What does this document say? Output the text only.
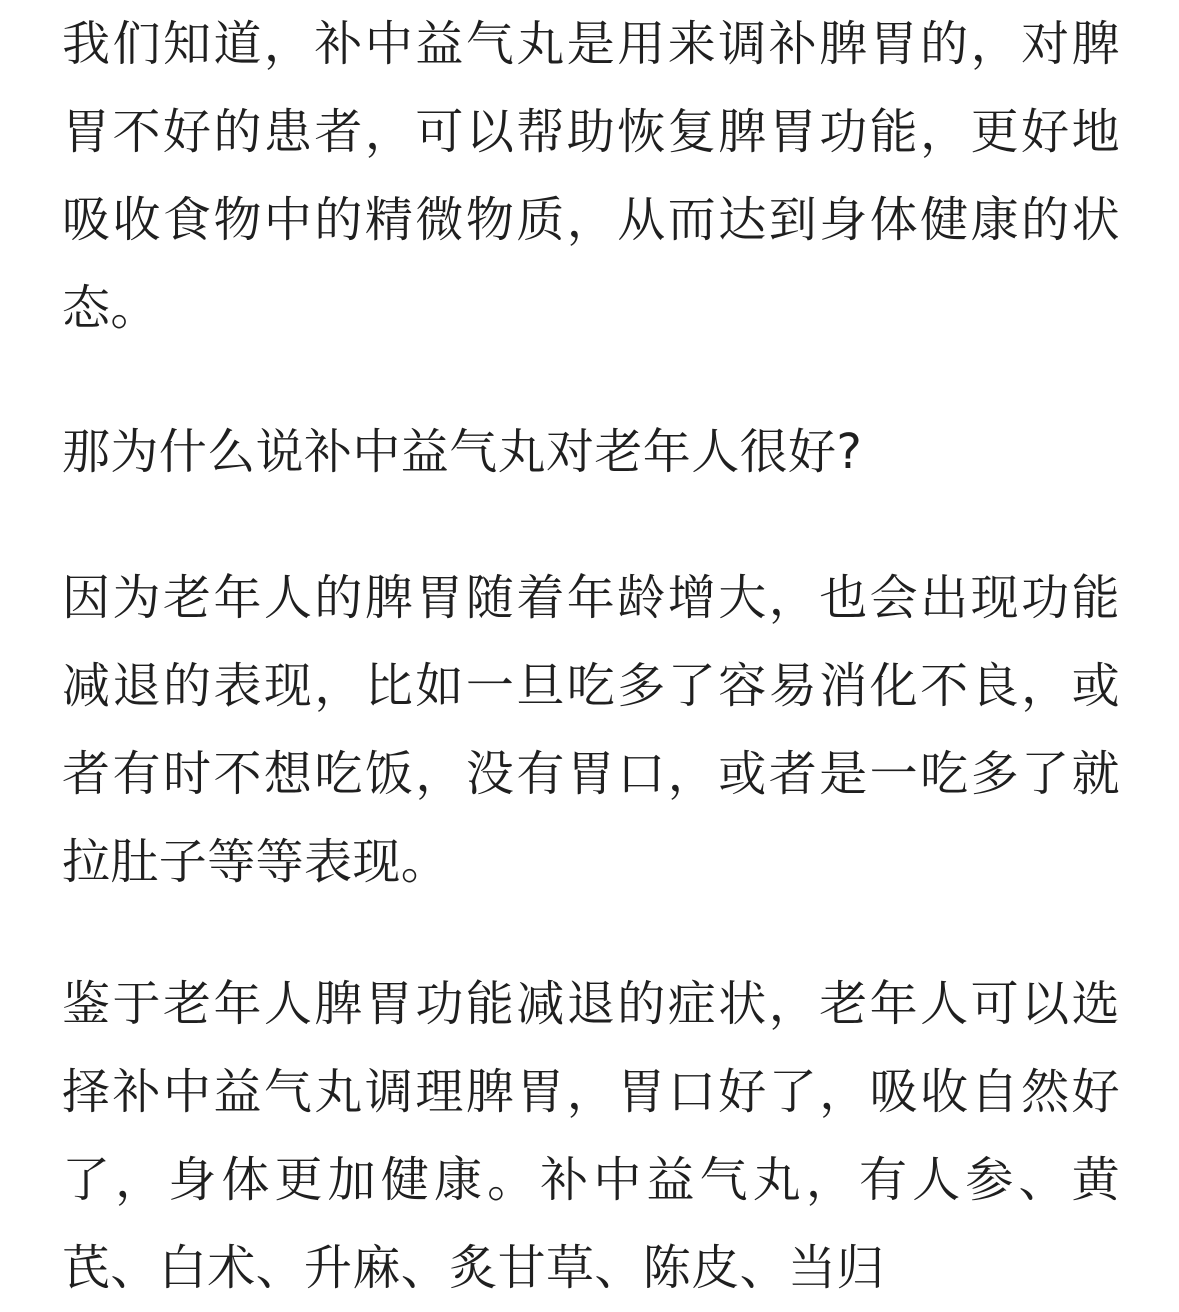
我们知道，补中益气丸是用来调补脾胃的，对脾胃不好的患者，可以帮助恢复脾胃功能，更好地吸收食物中的精微物质，从而达到身体健康的状态。

那为什么说补中益气丸对老年人很好?

因为老年人的脾胃随着年龄增大，也会出现功能减退的表现，比如一旦吃多了容易消化不良，或者有时不想吃饭，没有胃口，或者是一吃多了就拉肚子等等表现。

鉴于老年人脾胃功能减退的症状，老年人可以选择补中益气丸调理脾胃，胃口好了，吸收自然好了，身体更加健康。补中益气丸，有人参、黄芪、白术、升麻、炙甘草、陈皮、当归
